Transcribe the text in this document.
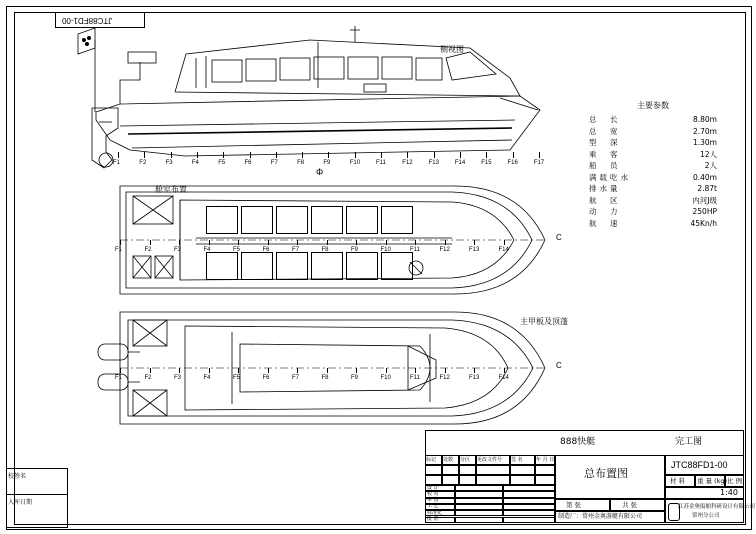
校签名
入库日期
JTC88FD1-00
侧视图
舱室布置
主甲板及顶蓬
Φ
C
C
F1	F2	F3	F4	F5	F6	F7	F8	F9	F10	F11	F12	F13	F14	F15	F16	F17
F1	F2	F3	F4	F5	F6	F7	F8	F9	F10	F11	F12	F13	F14
F1	F2	F3	F4	F5	F6	F7	F8	F9	F10	F11	F12	F13	F14
主要参数
总　长	8.80m
总　宽	2.70m
型　深	1.30m
乘　客	12人
船　员	2人
满载吃水	0.40m
排水量	2.87t
航　区	内河J级
动　力	250HP
航　速	45Kn/h
888快艇	完工图
标记 处数 分区 更改文件号 签 名	年 月 日
设 计
校 对
审 核
工 艺
标准化
批 准
总布置图
JTC88FD1-00
材 料 重 量 (kg) 比 例
1:40
第 张	共 张
制造厂：常州金奥游艇有限公司
江苏金奥船舶科研设计有限公司
常州分公司
